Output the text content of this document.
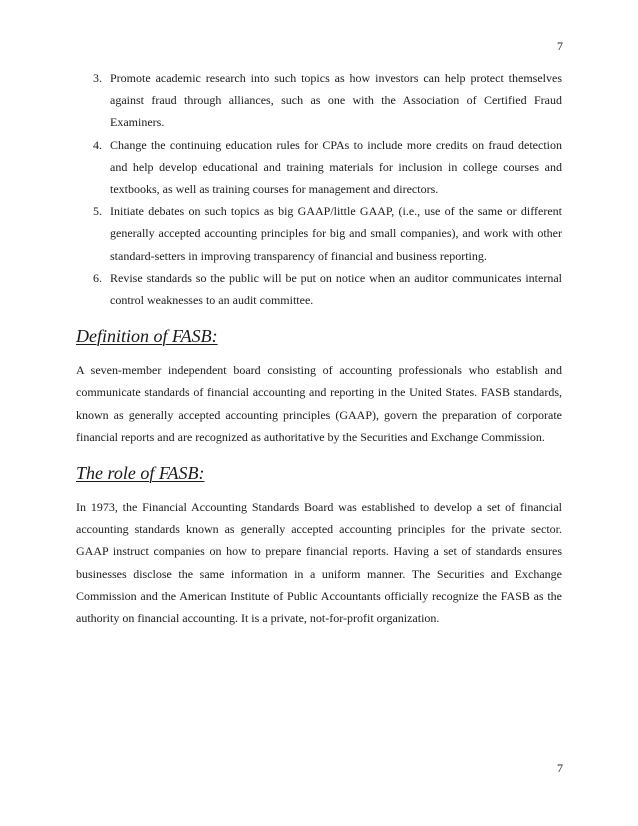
7
3. Promote academic research into such topics as how investors can help protect themselves against fraud through alliances, such as one with the Association of Certified Fraud Examiners.
4. Change the continuing education rules for CPAs to include more credits on fraud detection and help develop educational and training materials for inclusion in college courses and textbooks, as well as training courses for management and directors.
5. Initiate debates on such topics as big GAAP/little GAAP, (i.e., use of the same or different generally accepted accounting principles for big and small companies), and work with other standard-setters in improving transparency of financial and business reporting.
6. Revise standards so the public will be put on notice when an auditor communicates internal control weaknesses to an audit committee.
Definition of FASB:

A seven-member independent board consisting of accounting professionals who establish and communicate standards of financial accounting and reporting in the United States. FASB standards, known as generally accepted accounting principles (GAAP), govern the preparation of corporate financial reports and are recognized as authoritative by the Securities and Exchange Commission.

The role of FASB:

In 1973, the Financial Accounting Standards Board was established to develop a set of financial accounting standards known as generally accepted accounting principles for the private sector. GAAP instruct companies on how to prepare financial reports. Having a set of standards ensures businesses disclose the same information in a uniform manner. The Securities and Exchange Commission and the American Institute of Public Accountants officially recognize the FASB as the authority on financial accounting. It is a private, not-for-profit organization.

7
